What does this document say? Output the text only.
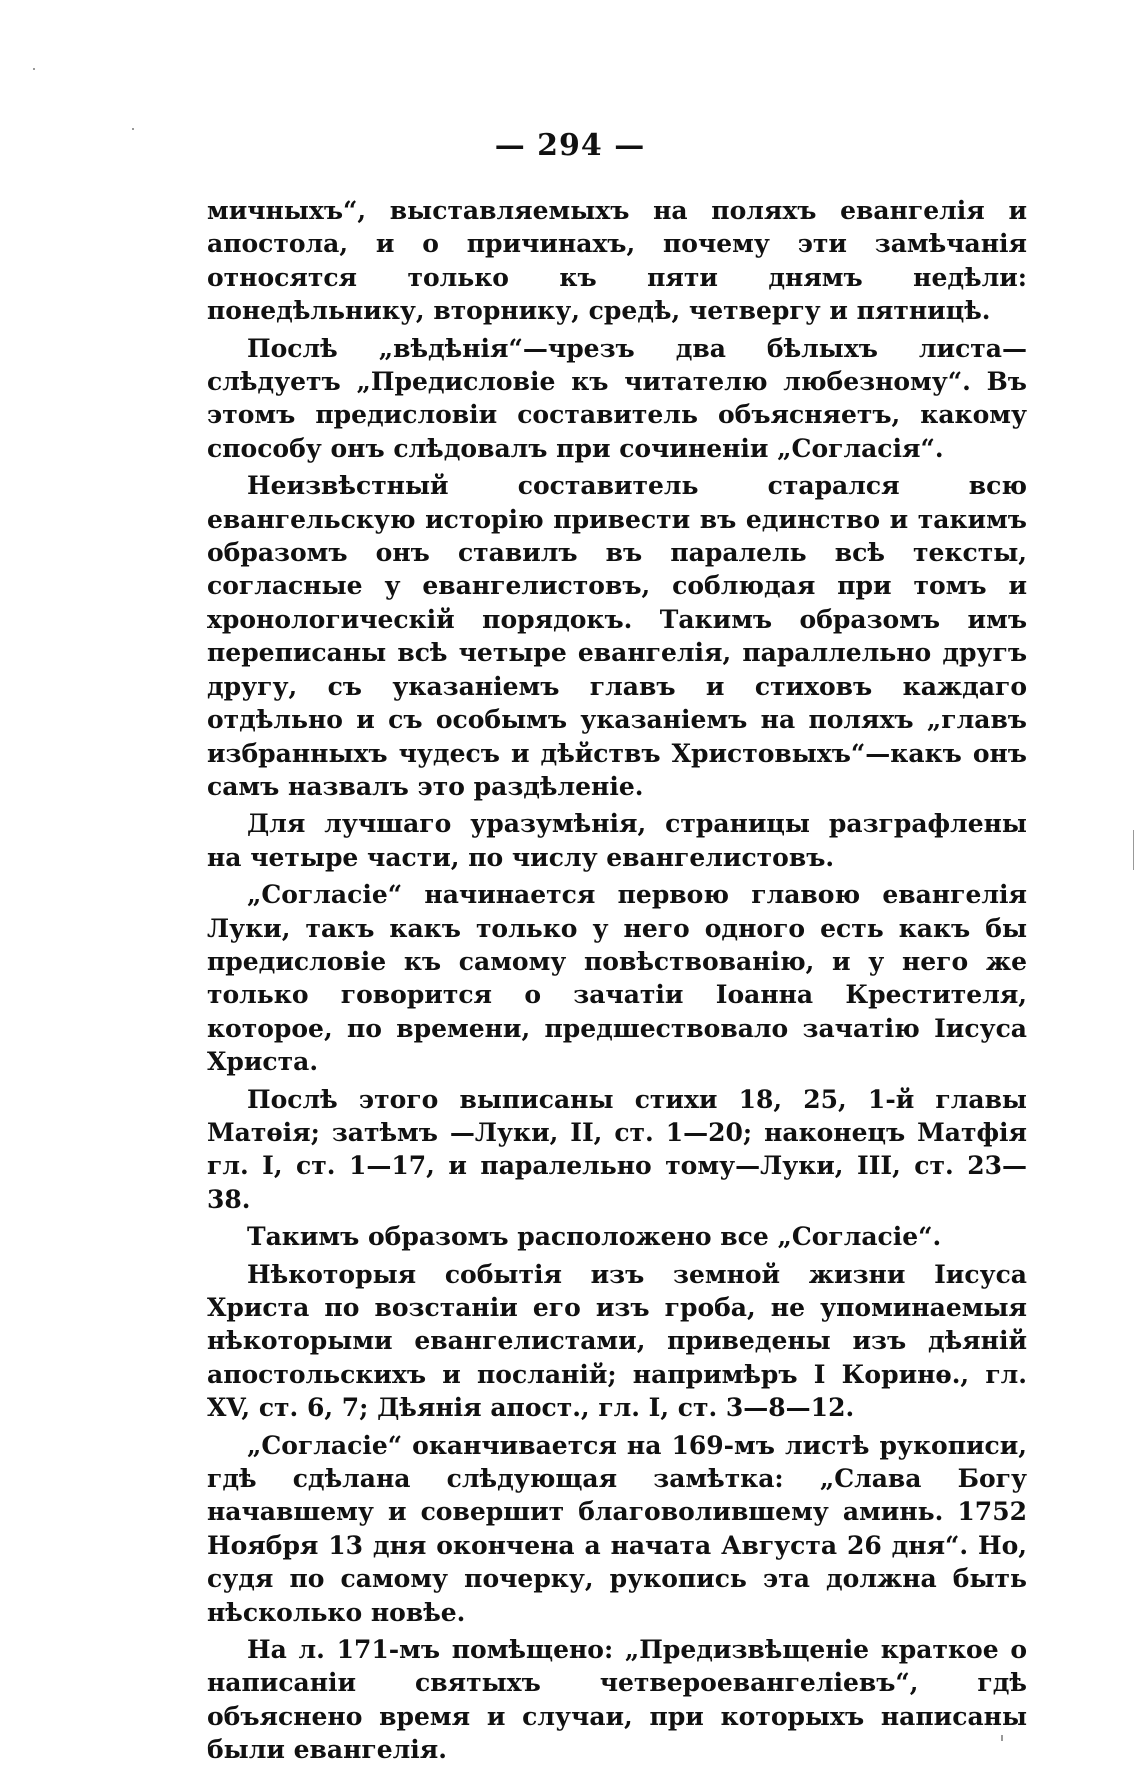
— 294 —

мичныхъ“, выставляемыхъ на поляхъ евангелія и апостола, и о причинахъ, почему эти замѣчанія относятся только къ пяти днямъ недѣли: понедѣльнику, вторнику, средѣ, четвергу и пятницѣ.

Послѣ „вѣдѣнія“—чрезъ два бѣлыхъ листа—слѣдуетъ „Предисловіе къ читателю любезному“. Въ этомъ предисловіи составитель объясняетъ, какому способу онъ слѣдовалъ при сочиненіи „Согласія“.

Неизвѣстный составитель старался всю евангельскую исторію привести въ единство и такимъ образомъ онъ ставилъ въ паралель всѣ тексты, согласные у евангелистовъ, соблюдая при томъ и хронологическій порядокъ. Такимъ образомъ имъ переписаны всѣ четыре евангелія, параллельно другъ другу, съ указаніемъ главъ и стиховъ каждаго отдѣльно и съ особымъ указаніемъ на поляхъ „главъ избранныхъ чудесъ и дѣйствъ Христовыхъ“—какъ онъ самъ назвалъ это раздѣленіе.

Для лучшаго уразумѣнія, страницы разграфлены на четыре части, по числу евангелистовъ.

„Согласіе“ начинается первою главою евангелія Луки, такъ какъ только у него одного есть какъ бы предисловіе къ самому повѣствованію, и у него же только говорится о зачатіи Іоанна Крестителя, которое, по времени, предшествовало зачатію Іисуса Христа.

Послѣ этого выписаны стихи 18, 25, 1-й главы Матѳія; затѣмъ —Луки, II, ст. 1—20; наконецъ Матфія гл. I, ст. 1—17, и паралельно тому—Луки, III, ст. 23—38.

Такимъ образомъ расположено все „Согласіе“.

Нѣкоторыя событія изъ земной жизни Іисуса Христа по возстаніи его изъ гроба, не упоминаемыя нѣкоторыми евангелистами, приведены изъ дѣяній апостольскихъ и посланій; напримѣръ I Коринѳ., гл. XV, ст. 6, 7; Дѣянія апост., гл. I, ст. 3—8—12.

„Согласіе“ оканчивается на 169-мъ листѣ рукописи, гдѣ сдѣлана слѣдующая замѣтка: „Слава Богу начавшему и совершит благоволившему аминь. 1752 Ноября 13 дня окончена а начата Августа 26 дня“. Но, судя по самому почерку, рукопись эта должна быть нѣсколько новѣе.

На л. 171-мъ помѣщено: „Предизвѣщеніе краткое о написаніи святыхъ четвероевангеліевъ“, гдѣ объяснено время и случаи, при которыхъ написаны были евангелія.
